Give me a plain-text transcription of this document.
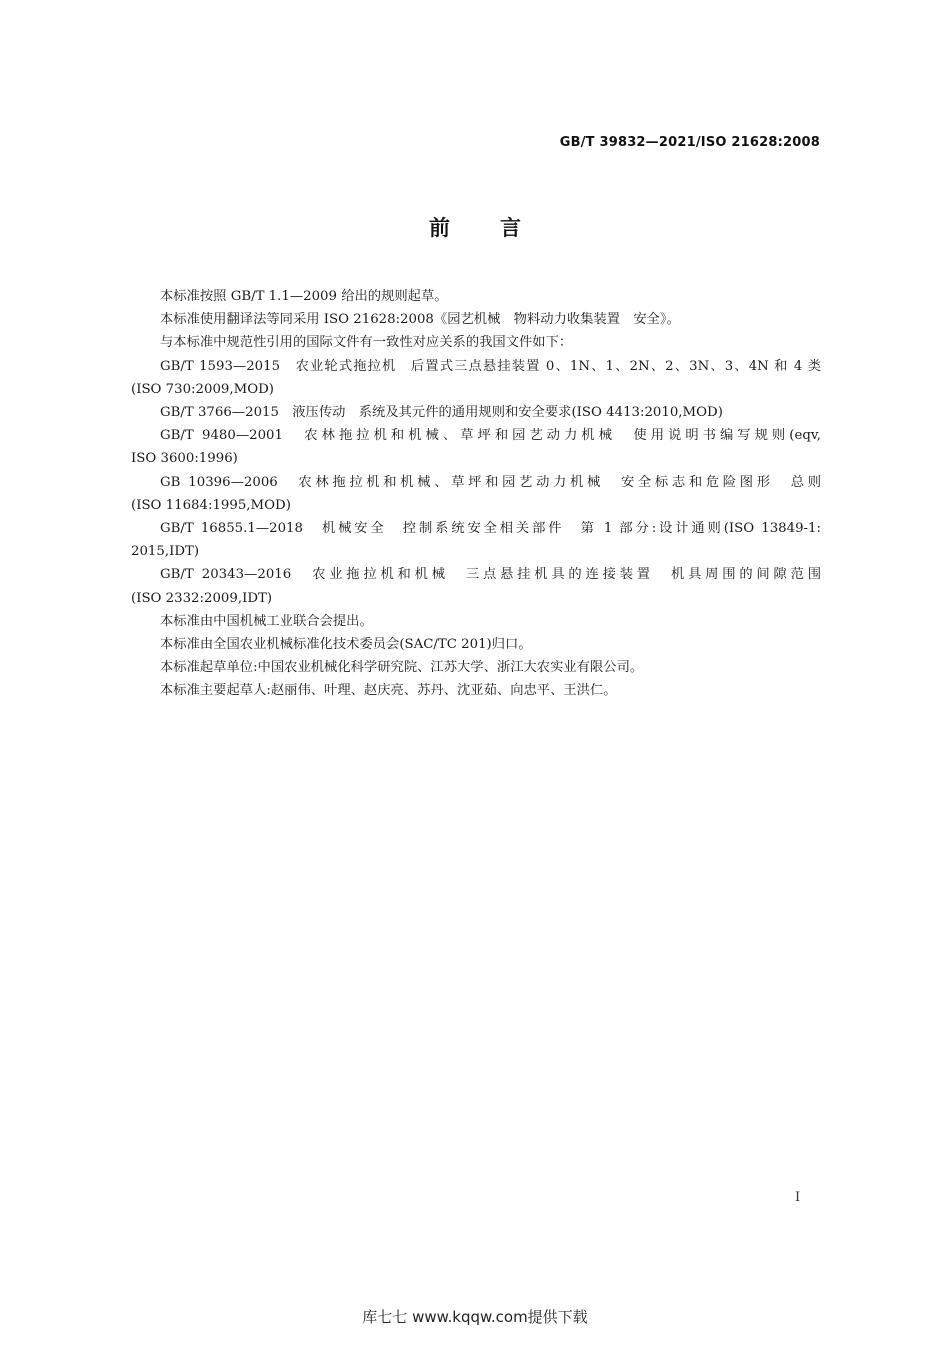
GB/T 39832—2021/ISO 21628:2008
前言

本标准按照 GB/T 1.1—2009 给出的规则起草。

本标准使用翻译法等同采用 ISO 21628:2008《园艺机械　物料动力收集装置　安全》。

与本标准中规范性引用的国际文件有一致性对应关系的我国文件如下：

GB/T 1593—2015　农业轮式拖拉机　后置式三点悬挂装置 0、1N、1、2N、2、3N、3、4N 和 4 类
(ISO 730:2009,MOD)

GB/T 3766—2015　液压传动　系统及其元件的通用规则和安全要求(ISO 4413:2010,MOD)

GB/T 9480—2001　农林拖拉机和机械、草坪和园艺动力机械　使用说明书编写规则(eqv,
ISO 3600:1996)

GB 10396—2006　农林拖拉机和机械、草坪和园艺动力机械　安全标志和危险图形　总则
(ISO 11684:1995,MOD)

GB/T 16855.1—2018　机械安全　控制系统安全相关部件　第 1 部分:设计通则(ISO 13849-1:
2015,IDT)

GB/T 20343—2016　农业拖拉机和机械　三点悬挂机具的连接装置　机具周围的间隙范围
(ISO 2332:2009,IDT)

本标准由中国机械工业联合会提出。

本标准由全国农业机械标准化技术委员会(SAC/TC 201)归口。

本标准起草单位:中国农业机械化科学研究院、江苏大学、浙江大农实业有限公司。

本标准主要起草人:赵丽伟、叶理、赵庆亮、苏丹、沈亚茹、向忠平、王洪仁。

I
库七七 www.kqqw.com提供下载
